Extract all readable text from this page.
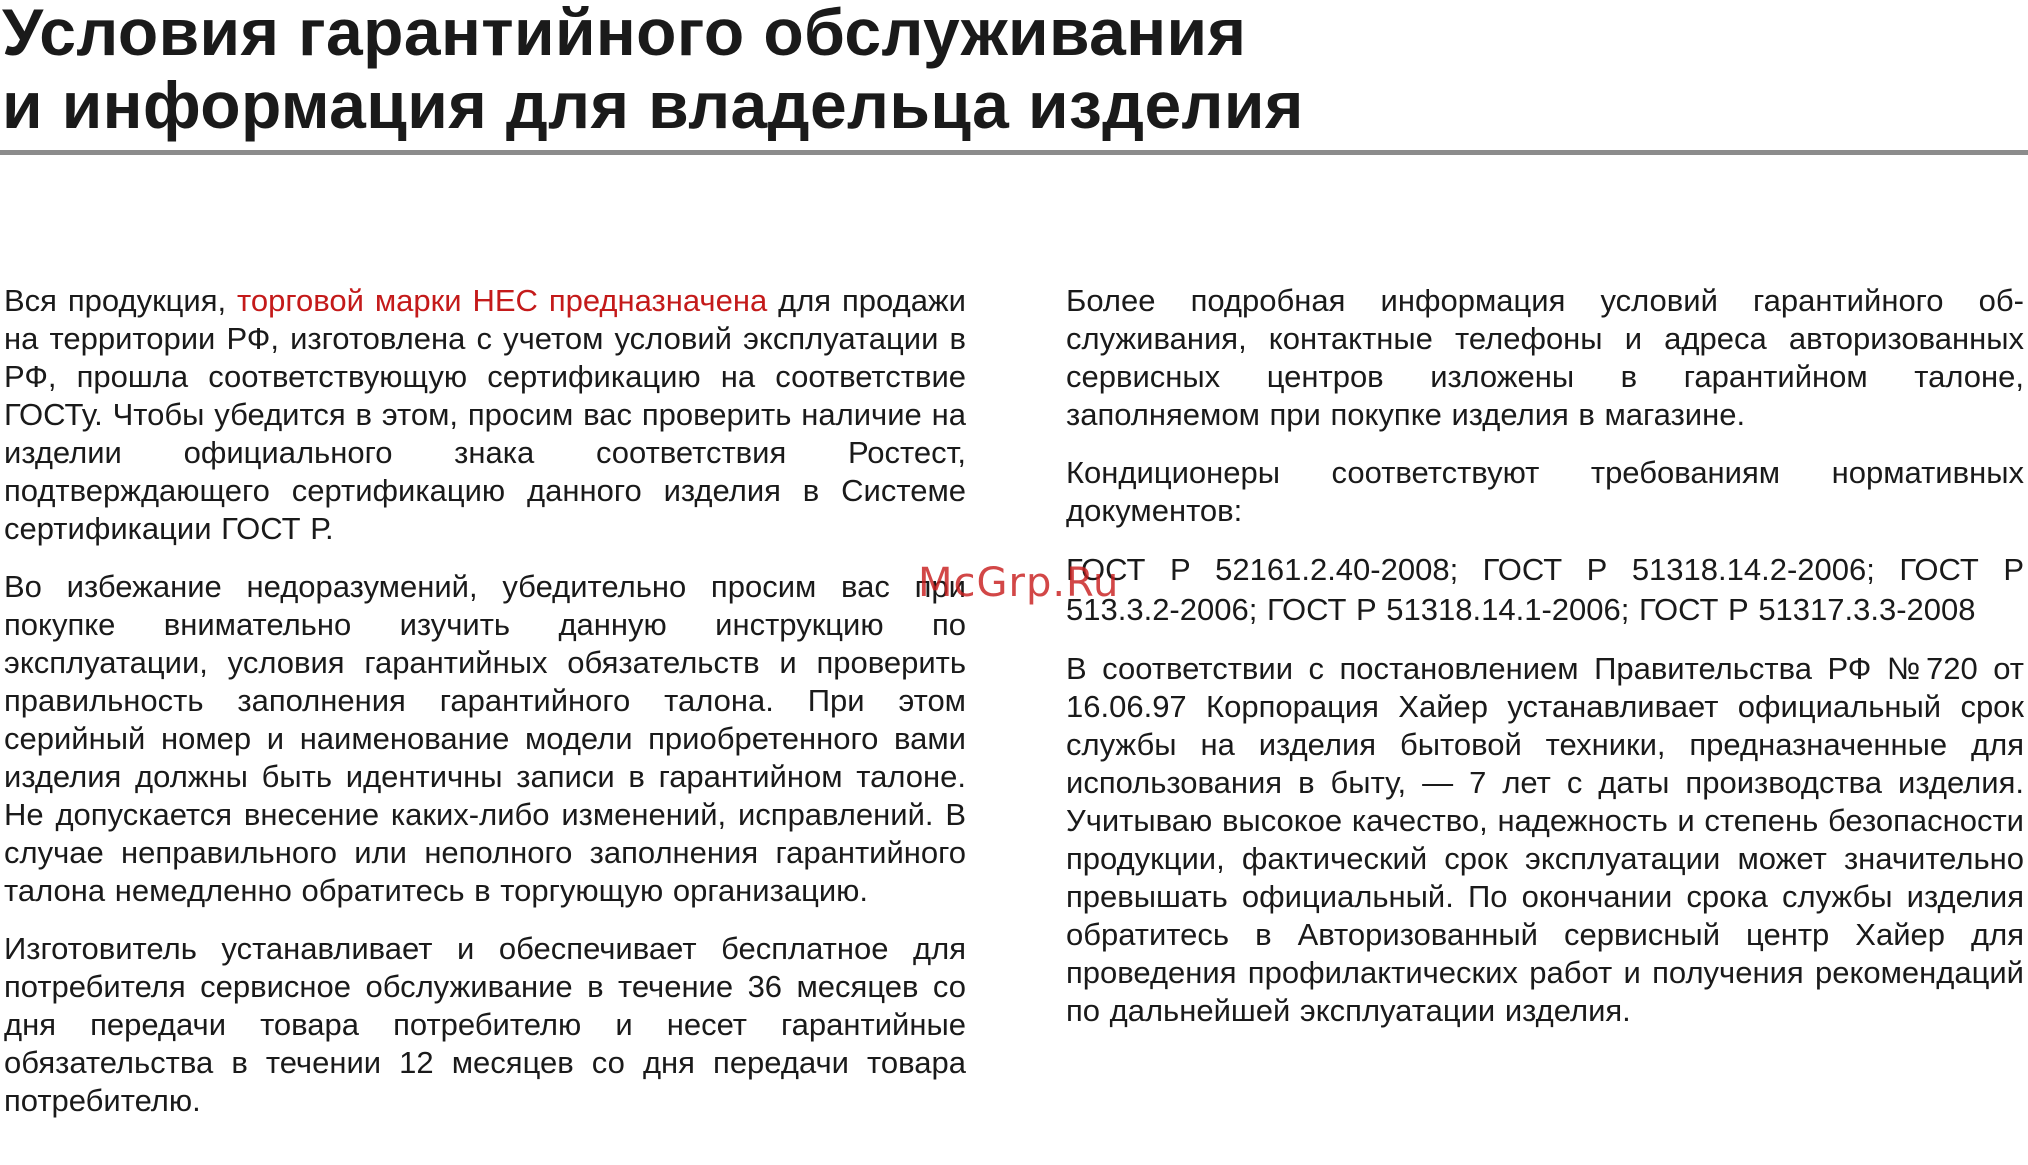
Условия гарантийного обслуживания
и информация для владельца изделия

Вся продукция, торговой марки HEC предназначена для продажи на территории РФ, изготовлена с учетом условий эксплуатации в РФ, прошла соответствующую сертификацию на соответствие ГОСТу. Чтобы убедится в этом, просим вас проверить наличие на изделии официального знака соответствия Ростест, подтверждающего сертификацию данного изделия в Системе сертификации ГОСТ Р.

Во избежание недоразумений, убедительно просим вас при покупке внимательно изучить данную инструкцию по эксплуатации, условия гарантийных обязательств и проверить правильность заполнения гарантийного талона. При этом серийный номер и наименование модели приобретенного вами изделия должны быть идентичны записи в гарантийном талоне. Не допускается внесение каких-либо изменений, исправлений. В случае неправильного или неполного заполнения гарантийного талона немедленно обратитесь в торгующую организацию.

Изготовитель устанавливает и обеспечивает бесплатное для потребителя сервисное обслуживание в течение 36 месяцев со дня передачи товара потребителю и несет гарантийные обязательства в течении 12 месяцев со дня передачи товара потребителю.

Более подробная информация условий гарантийного обслуживания, контактные телефоны и адреса авторизованных сервисных центров изложены в гарантийном талоне, заполняемом при покупке изделия в магазине.

Кондиционеры соответствуют требованиям нормативных документов:

ГОСТ Р 52161.2.40-2008; ГОСТ Р 51318.14.2-2006; ГОСТ Р 513.3.2-2006; ГОСТ Р 51318.14.1-2006; ГОСТ Р 51317.3.3-2008

В соответствии с постановлением Правительства РФ №720 от 16.06.97 Корпорация Хайер устанавливает официальный срок службы на изделия бытовой техники, предназначенные для использования в быту, — 7 лет с даты производства изделия. Учитываю высокое качество, надежность и степень безопасности продукции, фактический срок эксплуатации может значительно превышать официальный. По окончании срока службы изделия обратитесь в Авторизованный сервисный центр Хайер для проведения профилактических работ и получения рекомендаций по дальнейшей эксплуатации изделия.

McGrp.Ru
